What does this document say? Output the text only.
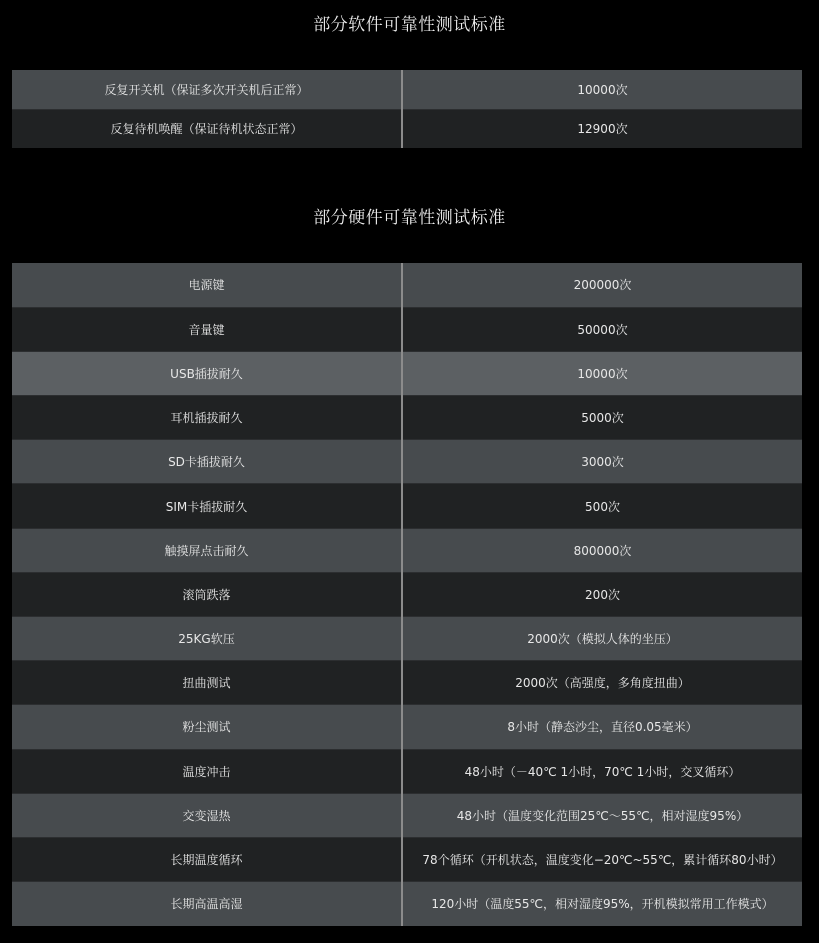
部分软件可靠性测试标准
反复开关机（保证多次开关机后正常）	10000次
反复待机唤醒（保证待机状态正常）	12900次
部分硬件可靠性测试标准
电源键	200000次
音量键	50000次
USB插拔耐久	10000次
耳机插拔耐久	5000次
SD卡插拔耐久	3000次
SIM卡插拔耐久	500次
触摸屏点击耐久	800000次
滚筒跌落	200次
25KG软压	2000次（模拟人体的坐压）
扭曲测试	2000次（高强度，多角度扭曲）
粉尘测试	8小时（静态沙尘，直径0.05毫米）
温度冲击	48小时（－40℃ 1小时，70℃ 1小时，交叉循环）
交变湿热	48小时（温度变化范围25℃～55℃，相对湿度95%）
长期温度循环	78个循环（开机状态，温度变化−20℃~55℃，累计循环80小时）
长期高温高湿	120小时（温度55℃，相对湿度95%，开机模拟常用工作模式）
